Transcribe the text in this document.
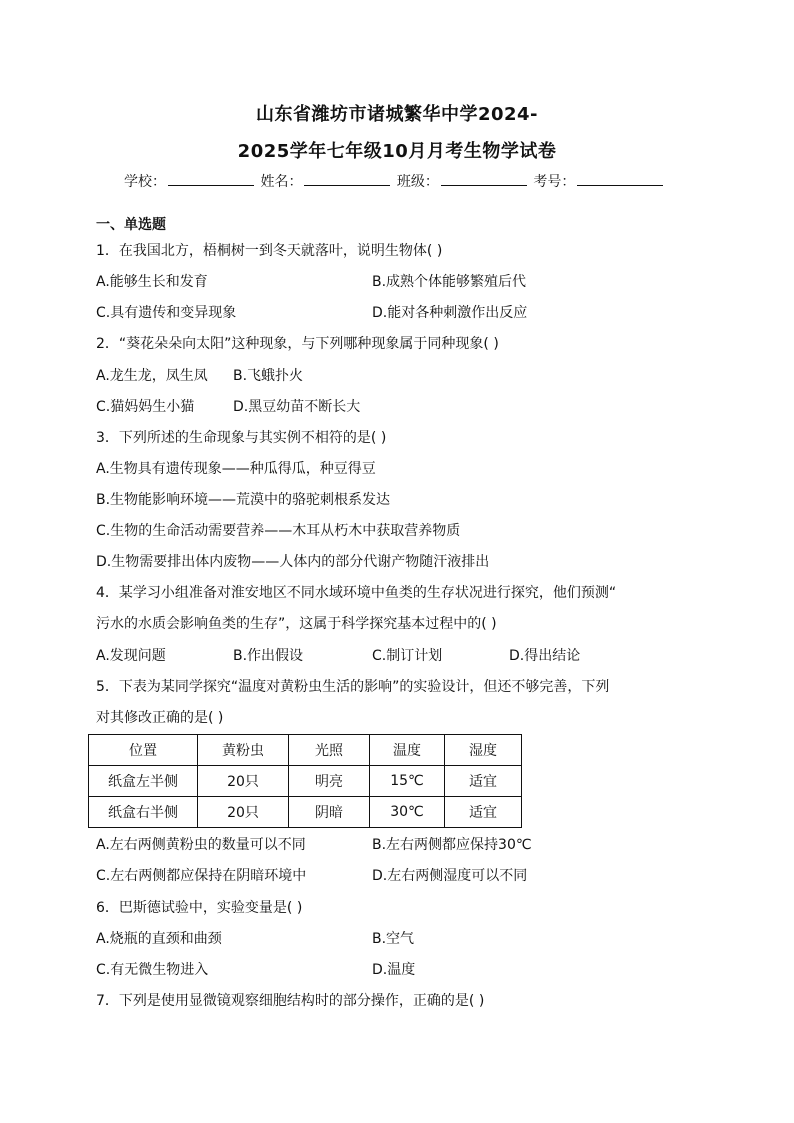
山东省潍坊市诸城繁华中学2024-
2025学年七年级10月月考生物学试卷
学校：	姓名：	班级：	考号：
一、单选题
1．在我国北方，梧桐树一到冬天就落叶，说明生物体( )
A.能够生长和发育	B.成熟个体能够繁殖后代
C.具有遗传和变异现象	D.能对各种刺激作出反应
2．“葵花朵朵向太阳”这种现象，与下列哪种现象属于同种现象( )
A.龙生龙，凤生凤 B.飞蛾扑火
C.猫妈妈生小猫	D.黑豆幼苗不断长大
3．下列所述的生命现象与其实例不相符的是( )
A.生物具有遗传现象——种瓜得瓜，种豆得豆
B.生物能影响环境——荒漠中的骆驼刺根系发达
C.生物的生命活动需要营养——木耳从朽木中获取营养物质
D.生物需要排出体内废物——人体内的部分代谢产物随汗液排出
4．某学习小组准备对淮安地区不同水域环境中鱼类的生存状况进行探究，他们预测“
污水的水质会影响鱼类的生存”，这属于科学探究基本过程中的( )
A.发现问题	B.作出假设	C.制订计划	D.得出结论
5．下表为某同学探究“温度对黄粉虫生活的影响”的实验设计，但还不够完善，下列
对其修改正确的是( )
位置	黄粉虫	光照	温度	湿度
纸盒左半侧	20只	明亮	15℃	适宜
纸盒右半侧	20只	阴暗	30℃	适宜
A.左右两侧黄粉虫的数量可以不同	B.左右两侧都应保持30℃
C.左右两侧都应保持在阴暗环境中	D.左右两侧湿度可以不同
6．巴斯德试验中，实验变量是( )
A.烧瓶的直颈和曲颈	B.空气
C.有无微生物进入	D.温度
7．下列是使用显微镜观察细胞结构时的部分操作，正确的是( )
